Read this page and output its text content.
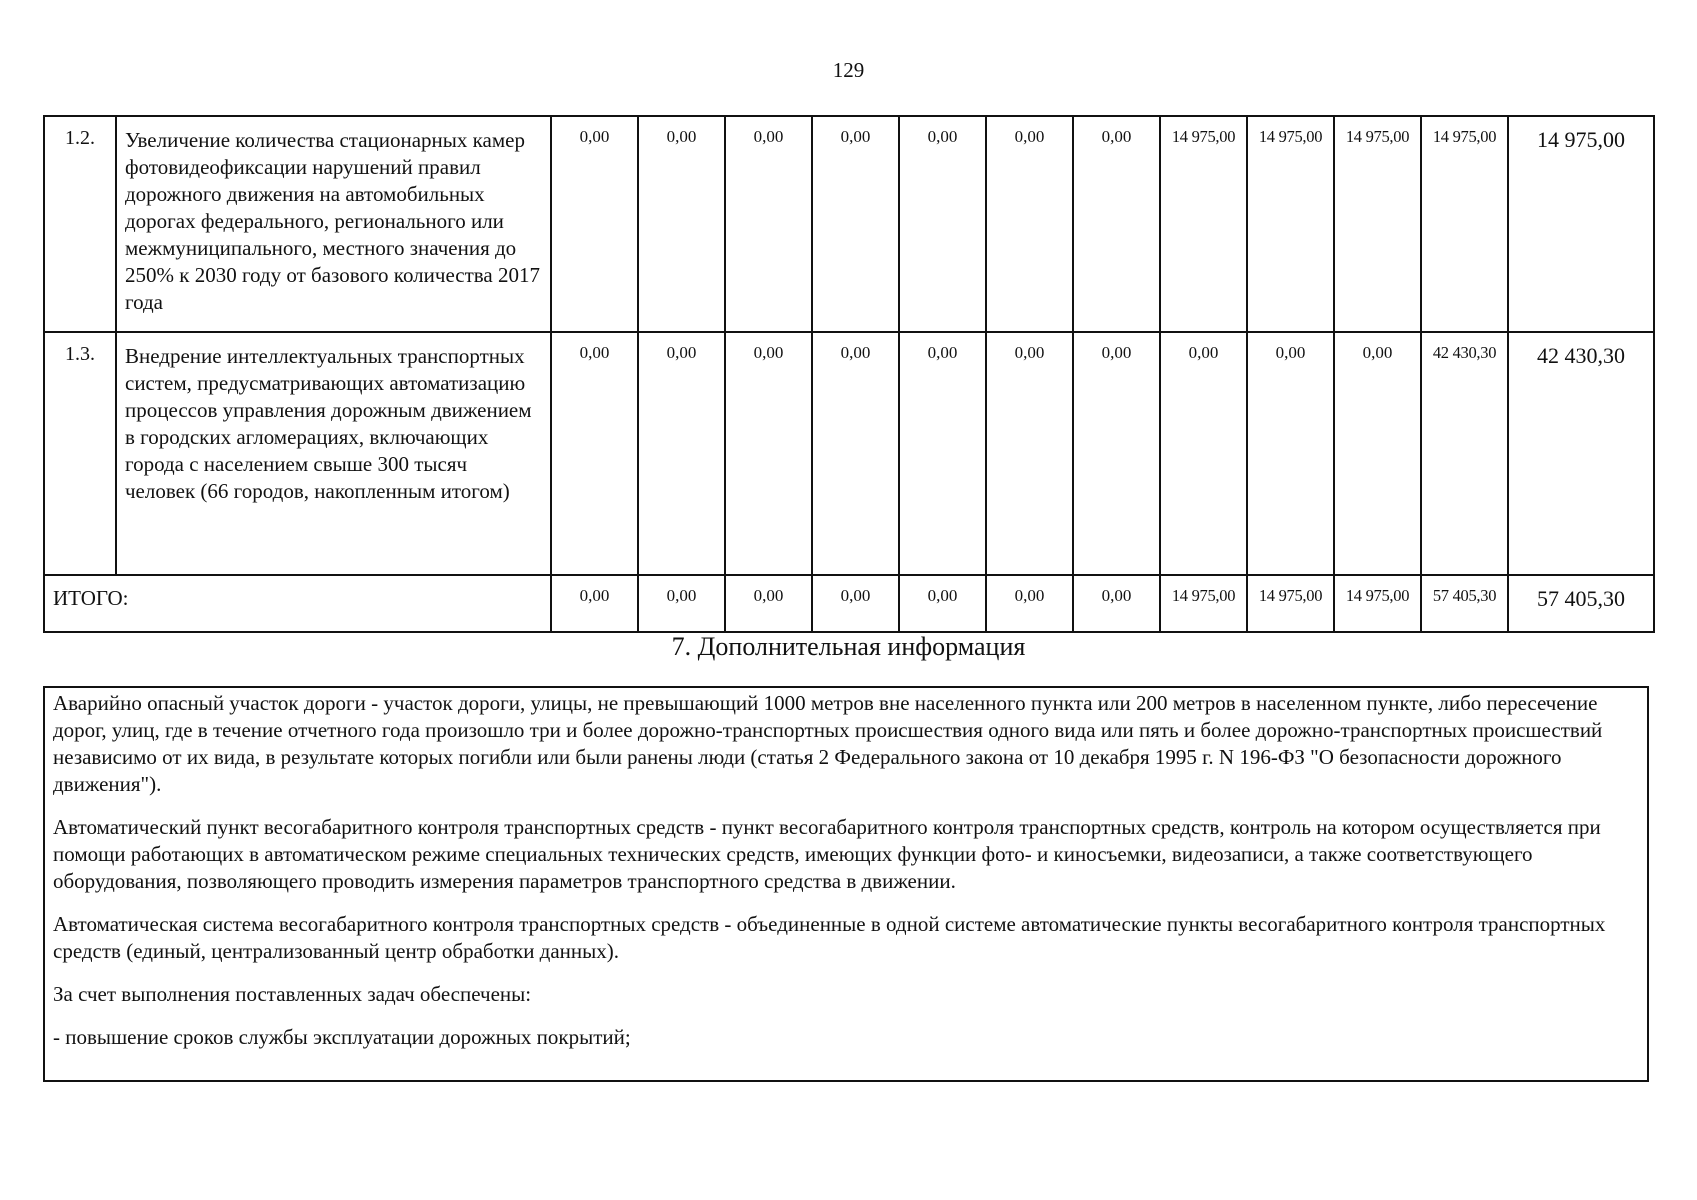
129
1.2.	Увеличение количества стационарных камер фотовидеофиксации нарушений правил дорожного движения на автомобильных дорогах федерального, регионального или межмуниципального, местного значения до 250% к 2030 году от базового количества 2017 года	0,00	0,00	0,00	0,00	0,00	0,00	0,00	14 975,00	14 975,00	14 975,00	14 975,00	14 975,00
1.3.	Внедрение интеллектуальных транспортных систем, предусматривающих автоматизацию процессов управления дорожным движением в городских агломерациях, включающих города с населением свыше 300 тысяч человек (66 городов, накопленным итогом)	0,00	0,00	0,00	0,00	0,00	0,00	0,00	0,00	0,00	0,00	42 430,30	42 430,30
ИТОГО:		0,00	0,00	0,00	0,00	0,00	0,00	0,00	14 975,00	14 975,00	14 975,00	57 405,30	57 405,30
7. Дополнительная информация

Аварийно опасный участок дороги - участок дороги, улицы, не превышающий 1000 метров вне населенного пункта или 200 метров в населенном пункте, либо пересечение дорог, улиц, где в течение отчетного года произошло три и более дорожно-транспортных происшествия одного вида или пять и более дорожно-транспортных происшествий независимо от их вида, в результате которых погибли или были ранены люди (статья 2 Федерального закона от 10 декабря 1995 г. N 196-ФЗ "О безопасности дорожного движения").

Автоматический пункт весогабаритного контроля транспортных средств - пункт весогабаритного контроля транспортных средств, контроль на котором осуществляется при помощи работающих в автоматическом режиме специальных технических средств, имеющих функции фото- и киносъемки, видеозаписи, а также соответствующего оборудования, позволяющего проводить измерения параметров транспортного средства в движении.

Автоматическая система весогабаритного контроля транспортных средств - объединенные в одной системе автоматические пункты весогабаритного контроля транспортных средств (единый, централизованный центр обработки данных).

За счет выполнения поставленных задач обеспечены:

- повышение сроков службы эксплуатации дорожных покрытий;
